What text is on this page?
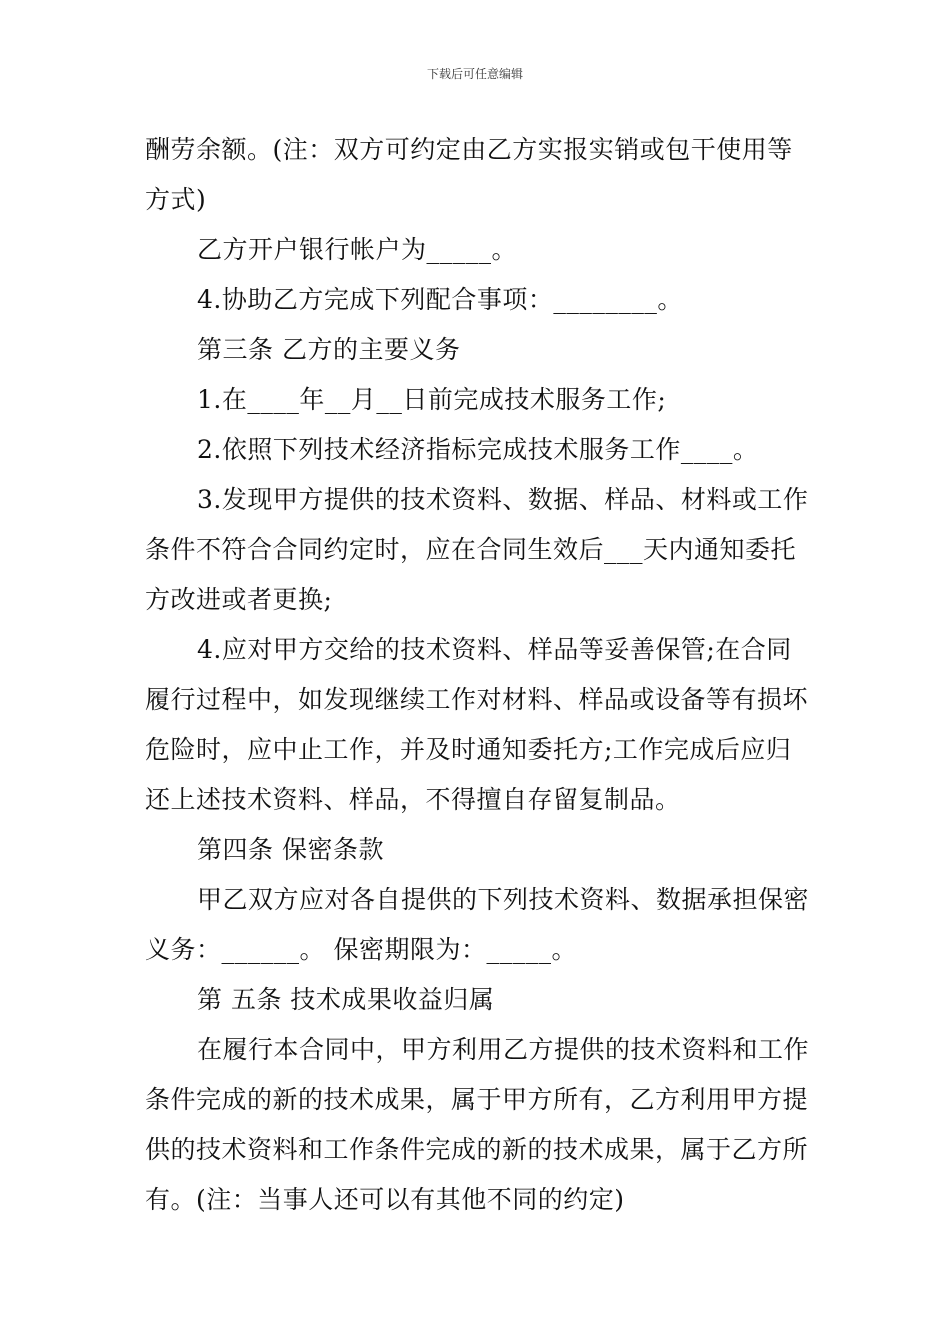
下载后可任意编辑

酬劳余额。(注：双方可约定由乙方实报实销或包干使用等方式)

乙方开户银行帐户为_____。

4.协助乙方完成下列配合事项：________。

第三条 乙方的主要义务

1.在____年__月__日前完成技术服务工作;

2.依照下列技术经济指标完成技术服务工作____。

3.发现甲方提供的技术资料、数据、样品、材料或工作条件不符合合同约定时，应在合同生效后___天内通知委托方改进或者更换;

4.应对甲方交给的技术资料、样品等妥善保管;在合同履行过程中，如发现继续工作对材料、样品或设备等有损坏危险时，应中止工作，并及时通知委托方;工作完成后应归还上述技术资料、样品，不得擅自存留复制品。

第四条 保密条款

甲乙双方应对各自提供的下列技术资料、数据承担保密义务：______。 保密期限为：_____。

第 五条 技术成果收益归属

在履行本合同中，甲方利用乙方提供的技术资料和工作条件完成的新的技术成果，属于甲方所有，乙方利用甲方提供的技术资料和工作条件完成的新的技术成果，属于乙方所有。(注：当事人还可以有其他不同的约定)
